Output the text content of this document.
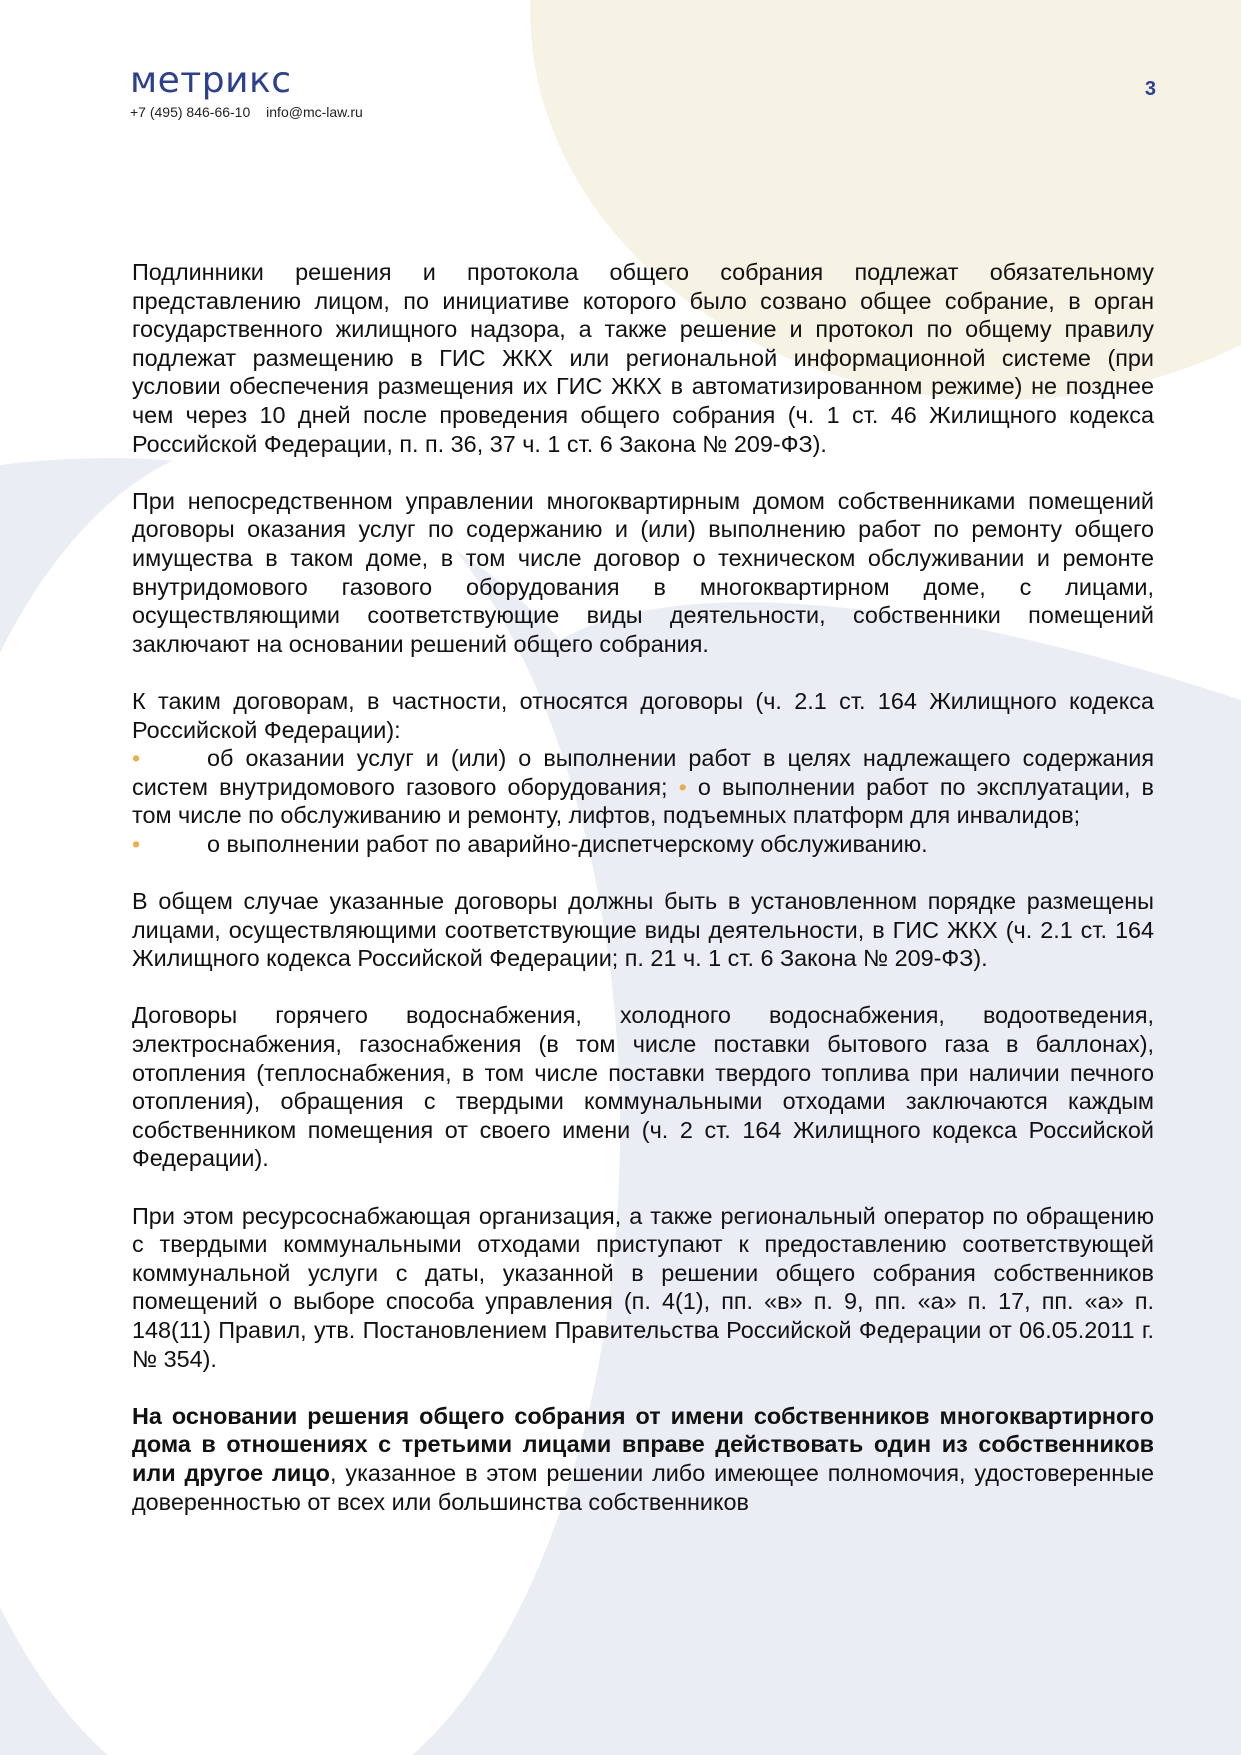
метрикс
+7 (495) 846-66-10 info@mc-law.ru
3

Подлинники решения и протокола общего собрания подлежат обязательному представлению лицом, по инициативе которого было созвано общее собрание, в орган государственного жилищного надзора, а также решение и протокол по общему правилу подлежат размещению в ГИС ЖКХ или региональной информационной системе (при условии обеспечения размещения их ГИС ЖКХ в автоматизированном режиме) не позднее чем через 10 дней после проведения общего собрания (ч. 1 ст. 46 Жилищного кодекса Российской Федерации, п. п. 36, 37 ч. 1 ст. 6 Закона № 209-ФЗ).

При непосредственном управлении многоквартирным домом собственниками помещений договоры оказания услуг по содержанию и (или) выполнению работ по ремонту общего имущества в таком доме, в том числе договор о техническом обслуживании и ремонте внутридомового газового оборудования в многоквартирном доме, с лицами, осуществляющими соответствующие виды деятельности, собственники помещений заключают на основании решений общего собрания.

К таким договорам, в частности, относятся договоры (ч. 2.1 ст. 164 Жилищного кодекса Российской Федерации):

•	об оказании услуг и (или) о выполнении работ в целях надлежащего содержания систем внутридомового газового оборудования; • о выполнении работ по эксплуатации, в том числе по обслуживанию и ремонту, лифтов, подъемных платформ для инвалидов;
•	о выполнении работ по аварийно-диспетчерскому обслуживанию.

В общем случае указанные договоры должны быть в установленном порядке размещены лицами, осуществляющими соответствующие виды деятельности, в ГИС ЖКХ (ч. 2.1 ст. 164 Жилищного кодекса Российской Федерации; п. 21 ч. 1 ст. 6 Закона № 209-ФЗ).

Договоры горячего водоснабжения, холодного водоснабжения, водоотведения, электроснабжения, газоснабжения (в том числе поставки бытового газа в баллонах), отопления (теплоснабжения, в том числе поставки твердого топлива при наличии печного отопления), обращения с твердыми коммунальными отходами заключаются каждым собственником помещения от своего имени (ч. 2 ст. 164 Жилищного кодекса Российской Федерации).

При этом ресурсоснабжающая организация, а также региональный оператор по обращению с твердыми коммунальными отходами приступают к предоставлению соответствующей коммунальной услуги с даты, указанной в решении общего собрания собственников помещений о выборе способа управления (п. 4(1), пп. «в» п. 9, пп. «а» п. 17, пп. «а» п. 148(11) Правил, утв. Постановлением Правительства Российской Федерации от 06.05.2011 г. № 354).

На основании решения общего собрания от имени собственников многоквартирного дома в отношениях с третьими лицами вправе действовать один из собственников или другое лицо, указанное в этом решении либо имеющее полномочия, удостоверенные доверенностью от всех или большинства собственников
